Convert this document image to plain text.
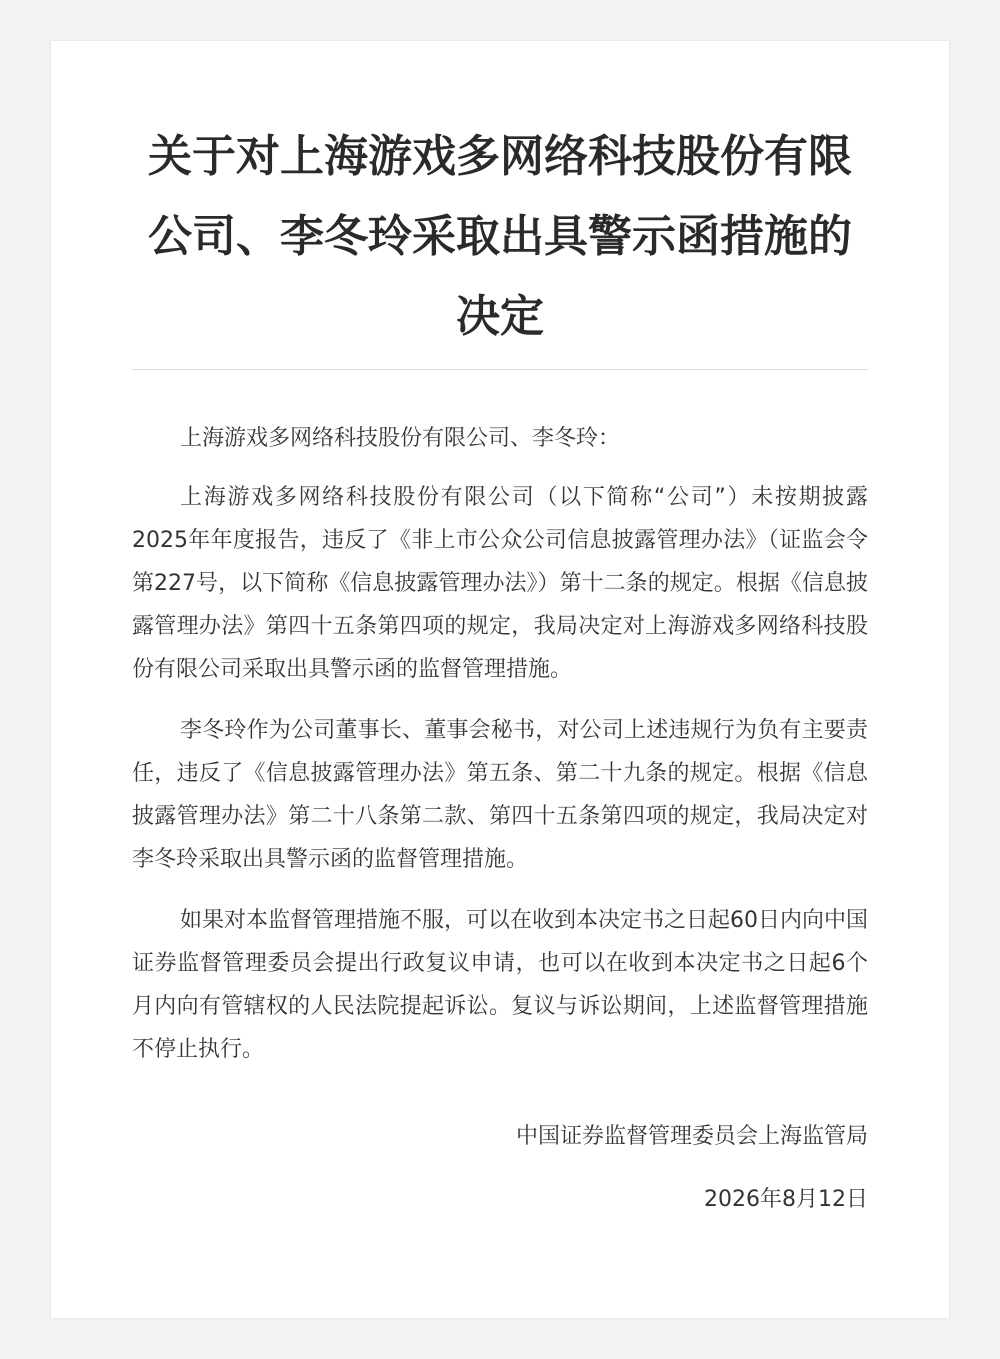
关于对上海游戏多网络科技股份有限公司、李冬玲采取出具警示函措施的决定

上海游戏多网络科技股份有限公司、李冬玲：

上海游戏多网络科技股份有限公司（以下简称“公司”）未按期披露2025年年度报告，违反了《非上市公众公司信息披露管理办法》（证监会令第227号，以下简称《信息披露管理办法》）第十二条的规定。根据《信息披露管理办法》第四十五条第四项的规定，我局决定对上海游戏多网络科技股份有限公司采取出具警示函的监督管理措施。

李冬玲作为公司董事长、董事会秘书，对公司上述违规行为负有主要责任，违反了《信息披露管理办法》第五条、第二十九条的规定。根据《信息披露管理办法》第二十八条第二款、第四十五条第四项的规定，我局决定对李冬玲采取出具警示函的监督管理措施。

如果对本监督管理措施不服，可以在收到本决定书之日起60日内向中国证券监督管理委员会提出行政复议申请，也可以在收到本决定书之日起6个月内向有管辖权的人民法院提起诉讼。复议与诉讼期间，上述监督管理措施不停止执行。

中国证券监督管理委员会上海监管局
2026年8月12日
